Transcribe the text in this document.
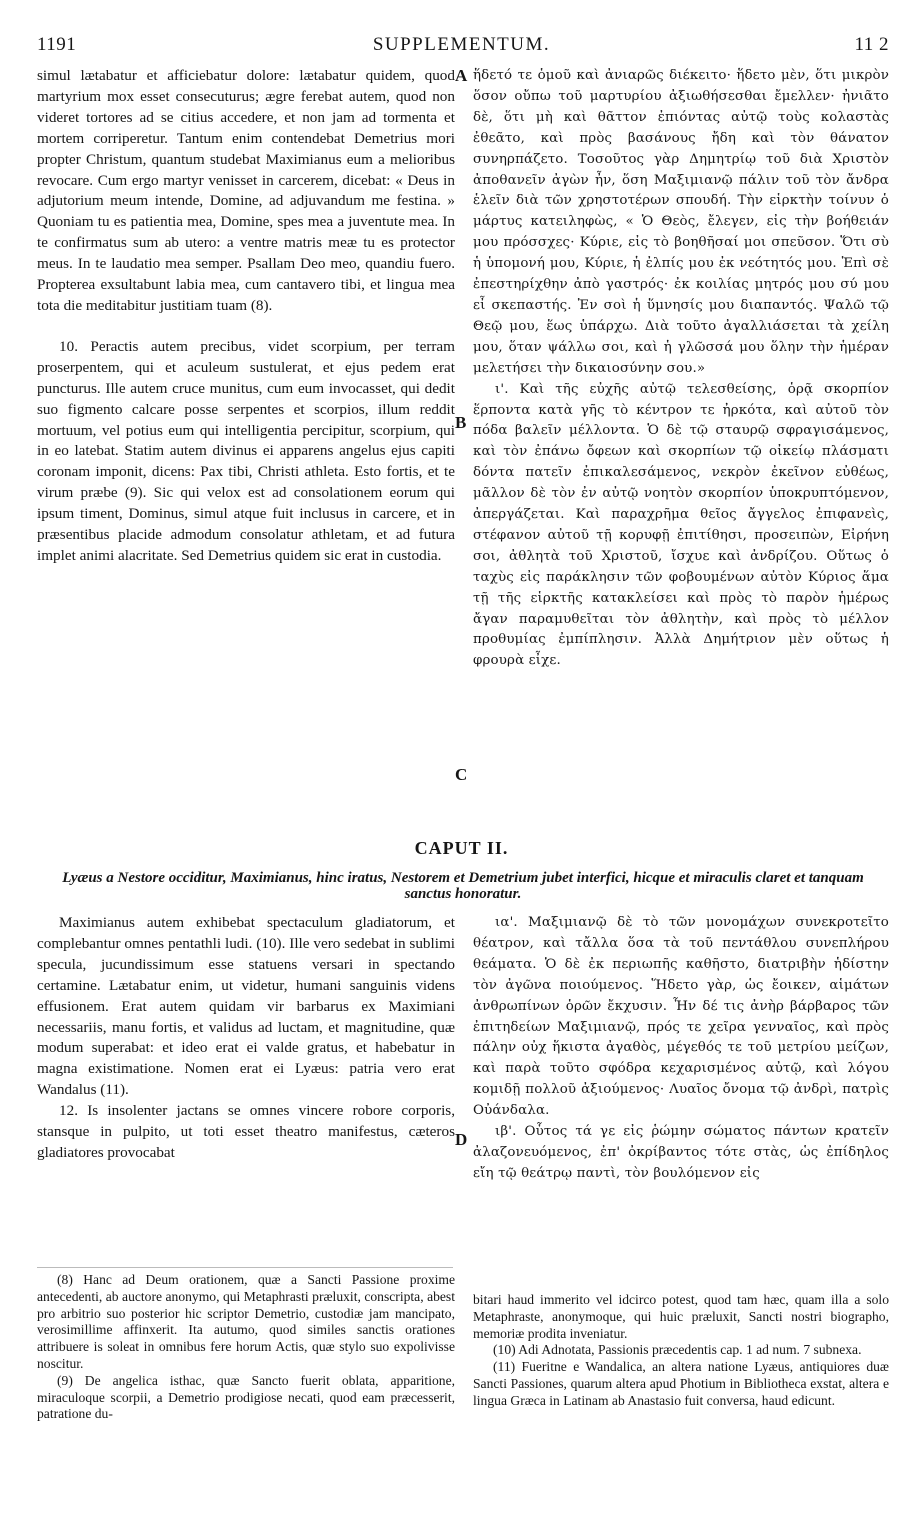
1191	SUPPLEMENTUM.	11 2
A
B
C
D

simul lætabatur et afficiebatur dolore: lætabatur quidem, quod martyrium mox esset consecuturus; ægre ferebat autem, quod non videret tortores ad se citius accedere, et non jam ad tormenta et mortem corriperetur. Tantum enim contendebat Demetrius mori propter Christum, quantum studebat Maximianus eum a melioribus revocare. Cum ergo martyr venisset in carcerem, dicebat: « Deus in adjutorium meum intende, Domine, ad adjuvandum me festina. » Quoniam tu es patientia mea, Domine, spes mea a juventute mea. In te confirmatus sum ab utero: a ventre matris meæ tu es protector meus. In te laudatio mea semper. Psallam Deo meo, quandiu fuero. Propterea exsultabunt labia mea, cum cantavero tibi, et lingua mea tota die meditabitur justitiam tuam (8).

10. Peractis autem precibus, videt scorpium, per terram proserpentem, qui et aculeum sustulerat, et ejus pedem erat puncturus. Ille autem cruce munitus, cum eum invocasset, qui dedit suo figmento calcare posse serpentes et scorpios, illum reddit mortuum, vel potius eum qui intelligentia percipitur, scorpium, qui in eo latebat. Statim autem divinus ei apparens angelus ejus capiti coronam imponit, dicens: Pax tibi, Christi athleta. Esto fortis, et te virum præbe (9). Sic qui velox est ad consolationem eorum qui ipsum timent, Dominus, simul atque fuit inclusus in carcere, et in præsentibus placide admodum consolatur athletam, et ad futura implet animi alacritate. Sed Demetrius quidem sic erat in custodia.

ἥδετό τε ὁμοῦ καὶ ἀνιαρῶς διέκειτο· ἥδετο μὲν, ὅτι μικρὸν ὅσον οὔπω τοῦ μαρτυρίου ἀξιωθήσεσθαι ἔμελλεν· ἠνιᾶτο δὲ, ὅτι μὴ καὶ θᾶττον ἐπιόντας αὐτῷ τοὺς κολαστὰς ἐθεᾶτο, καὶ πρὸς βασάνους ἤδη καὶ τὸν θάνατον συνηρπάζετο. Τοσοῦτος γὰρ Δημητρίῳ τοῦ διὰ Χριστὸν ἀποθανεῖν ἀγὼν ἦν, ὅση Μαξιμιανῷ πάλιν τοῦ τὸν ἄνδρα ἑλεῖν διὰ τῶν χρηστοτέρων σπουδή. Τὴν εἱρκτὴν τοίνυν ὁ μάρτυς κατειληφὼς, « Ὁ Θεὸς, ἔλεγεν, εἰς τὴν βοήθειάν μου πρόσσχες· Κύριε, εἰς τὸ βοηθῆσαί μοι σπεῦσον. Ὅτι σὺ ἡ ὑπομονή μου, Κύριε, ἡ ἐλπίς μου ἐκ νεότητός μου. Ἐπὶ σὲ ἐπεστηρίχθην ἀπὸ γαστρός· ἐκ κοιλίας μητρός μου σύ μου εἶ σκεπαστής. Ἐν σοὶ ἡ ὕμνησίς μου διαπαντός. Ψαλῶ τῷ Θεῷ μου, ἕως ὑπάρχω. Διὰ τοῦτο ἀγαλλιάσεται τὰ χείλη μου, ὅταν ψάλλω σοι, καὶ ἡ γλῶσσά μου ὅλην τὴν ἡμέραν μελετήσει τὴν δικαιοσύνην σου.»

ι'. Καὶ τῆς εὐχῆς αὐτῷ τελεσθείσης, ὁρᾷ σκορπίον ἕρποντα κατὰ γῆς τὸ κέντρον τε ἠρκότα, καὶ αὐτοῦ τὸν πόδα βαλεῖν μέλλοντα. Ὁ δὲ τῷ σταυρῷ σφραγισάμενος, καὶ τὸν ἐπάνω ὄφεων καὶ σκορπίων τῷ οἰκείῳ πλάσματι δόντα πατεῖν ἐπικαλεσάμενος, νεκρὸν ἐκεῖνον εὐθέως, μᾶλλον δὲ τὸν ἐν αὐτῷ νοητὸν σκορπίον ὑποκρυπτόμενον, ἀπεργάζεται. Καὶ παραχρῆμα θεῖος ἄγγελος ἐπιφανεὶς, στέφανον αὐτοῦ τῇ κορυφῇ ἐπιτίθησι, προσειπὼν, Εἰρήνη σοι, ἀθλητὰ τοῦ Χριστοῦ, ἴσχυε καὶ ἀνδρίζου. Οὕτως ὁ ταχὺς εἰς παράκλησιν τῶν φοβουμένων αὐτὸν Κύριος ἅμα τῇ τῆς εἱρκτῆς κατακλείσει καὶ πρὸς τὸ παρὸν ἡμέρως ἄγαν παραμυθεῖται τὸν ἀθλητὴν, καὶ πρὸς τὸ μέλλον προθυμίας ἐμπίπλησιν. Ἀλλὰ Δημήτριον μὲν οὕτως ἡ φρουρὰ εἶχε.

CAPUT II.
Lyæus a Nestore occiditur, Maximianus, hinc iratus, Nestorem et Demetrium jubet interfici, hicque et miraculis claret et tanquam sanctus honoratur.

Maximianus autem exhibebat spectaculum gladiatorum, et complebantur omnes pentathli ludi. (10). Ille vero sedebat in sublimi specula, jucundissimum esse statuens versari in spectando certamine. Lætabatur enim, ut videtur, humani sanguinis videns effusionem. Erat autem quidam vir barbarus ex Maximiani necessariis, manu fortis, et validus ad luctam, et magnitudine, quæ modum superabat: et ideo erat ei valde gratus, et habebatur in magna existimatione. Nomen erat ei Lyæus: patria vero erat Wandalus (11).

12. Is insolenter jactans se omnes vincere robore corporis, stansque in pulpito, ut toti esset theatro manifestus, cæteros gladiatores provocabat

ια'. Μαξιμιανῷ δὲ τὸ τῶν μονομάχων συνεκροτεῖτο θέατρον, καὶ τἄλλα ὅσα τὰ τοῦ πεντάθλου συνεπλήρου θεάματα. Ὁ δὲ ἐκ περιωπῆς καθῆστο, διατριβὴν ἡδίστην τὸν ἀγῶνα ποιούμενος. Ἥδετο γὰρ, ὡς ἔοικεν, αἱμάτων ἀνθρωπίνων ὁρῶν ἔκχυσιν. Ἦν δέ τις ἀνὴρ βάρβαρος τῶν ἐπιτηδείων Μαξιμιανῷ, πρός τε χεῖρα γενναῖος, καὶ πρὸς πάλην οὐχ ἥκιστα ἀγαθὸς, μέγεθός τε τοῦ μετρίου μείζων, καὶ παρὰ τοῦτο σφόδρα κεχαρισμένος αὐτῷ, καὶ λόγου κομιδῇ πολλοῦ ἀξιούμενος· Λυαῖος ὄνομα τῷ ἀνδρὶ, πατρὶς Οὐάνδαλα.

ιβ'. Οὗτος τά γε εἰς ῥώμην σώματος πάντων κρατεῖν ἀλαζονευόμενος, ἐπ' ὀκρίβαντος τότε στὰς, ὡς ἐπίδηλος εἴη τῷ θεάτρῳ παντὶ, τὸν βουλόμενον εἰς

(8) Hanc ad Deum orationem, quæ a Sancti Passione proxime antecedenti, ab auctore anonymo, qui Metaphrasti præluxit, conscripta, abest pro arbitrio suo posterior hic scriptor Demetrio, custodiæ jam mancipato, verosimillime affinxerit. Ita autumo, quod similes sanctis orationes attribuere is soleat in omnibus fere horum Actis, quæ stylo suo expolivisse noscitur.

(9) De angelica isthac, quæ Sancto fuerit oblata, apparitione, miraculoque scorpii, a Demetrio prodigiose necati, quod eam præcesserit, patratione du-

bitari haud immerito vel idcirco potest, quod tam hæc, quam illa a solo Metaphraste, anonymoque, qui huic præluxit, Sancti nostri biographo, memoriæ prodita inveniatur.

(10) Adi Adnotata, Passionis præcedentis cap. 1 ad num. 7 subnexa.

(11) Fueritne e Wandalica, an altera natione Lyæus, antiquiores duæ Sancti Passiones, quarum altera apud Photium in Bibliotheca exstat, altera e lingua Græca in Latinam ab Anastasio fuit conversa, haud edicunt.
